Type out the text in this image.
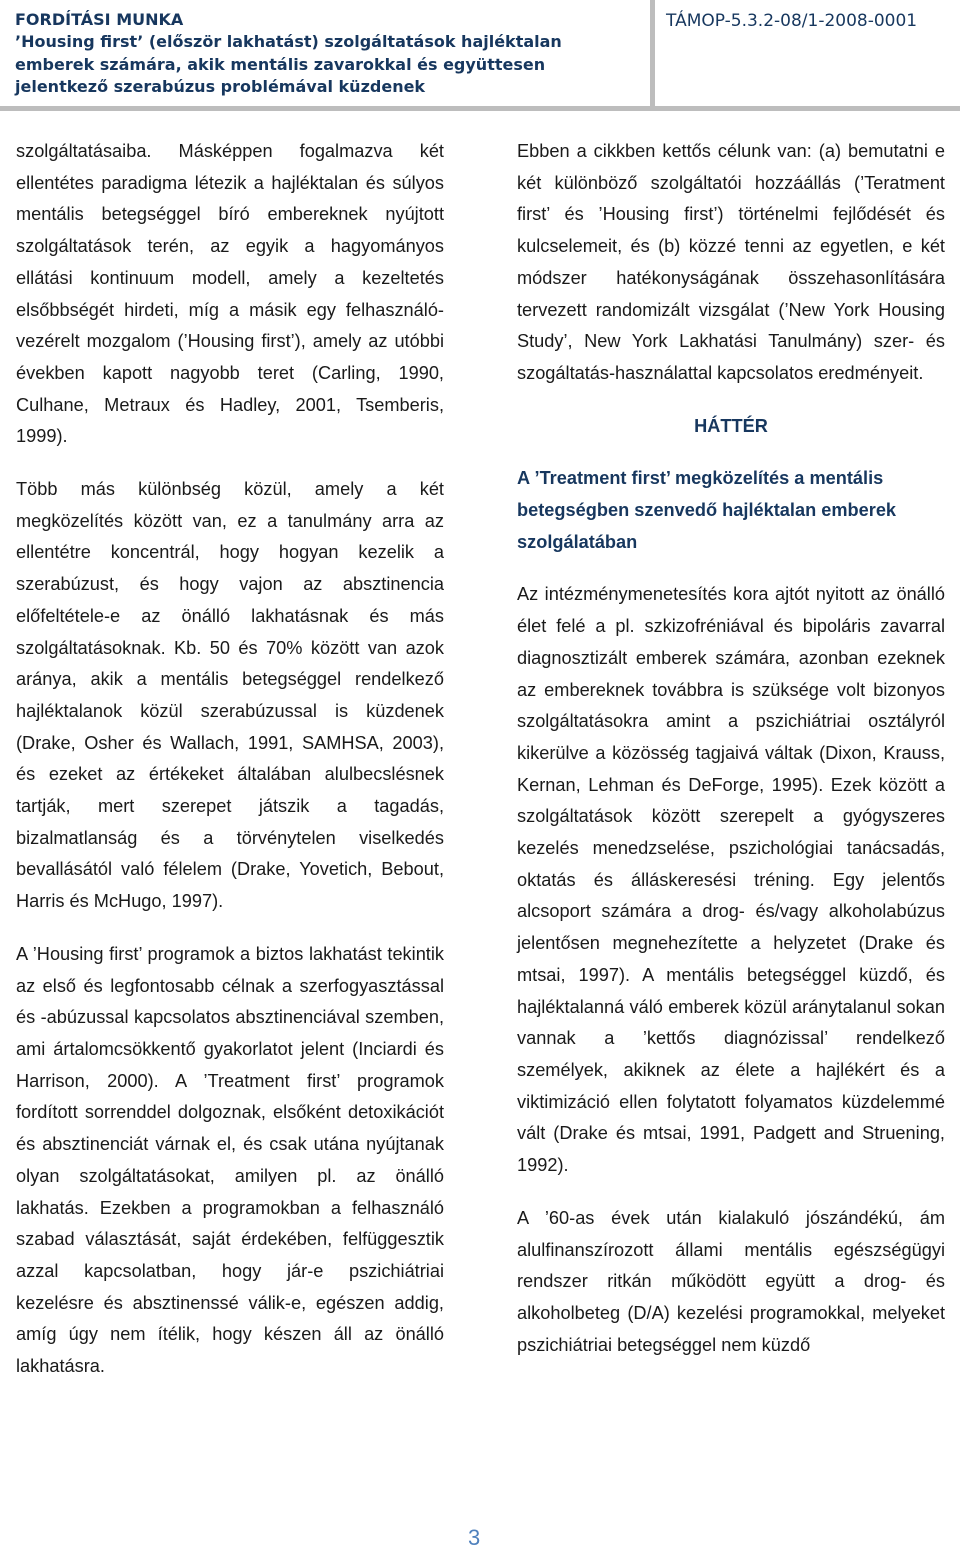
FORDÍTÁSI MUNKA
’Housing first’ (először lakhatást) szolgáltatások hajléktalan
emberek számára, akik mentális zavarokkal és együttesen
jelentkező szerabúzus problémával küzdenek
TÁMOP-5.3.2-08/1-2008-0001

szolgáltatásaiba. Másképpen fogalmazva két ellentétes paradigma létezik a hajléktalan és súlyos mentális betegséggel bíró embereknek nyújtott szolgáltatások terén, az egyik a hagyományos ellátási kontinuum modell, amely a kezeltetés elsőbbségét hirdeti, míg a másik egy felhasználó-vezérelt mozgalom (’Housing first’), amely az utóbbi években kapott nagyobb teret (Carling, 1990, Culhane, Metraux és Hadley, 2001, Tsemberis, 1999).

Több más különbség közül, amely a két megközelítés között van, ez a tanulmány arra az ellentétre koncentrál, hogy hogyan kezelik a szerabúzust, és hogy vajon az absztinencia előfeltétele-e az önálló lakhatásnak és más szolgáltatásoknak. Kb. 50 és 70% között van azok aránya, akik a mentális betegséggel rendelkező hajléktalanok közül szerabúzussal is küzdenek (Drake, Osher és Wallach, 1991, SAMHSA, 2003), és ezeket az értékeket általában alulbecslésnek tartják, mert szerepet játszik a tagadás, bizalmatlanság és a törvénytelen viselkedés bevallásától való félelem (Drake, Yovetich, Bebout, Harris és McHugo, 1997).

A ’Housing first’ programok a biztos lakhatást tekintik az első és legfontosabb célnak a szerfogyasztással és -abúzussal kapcsolatos absztinenciával szemben, ami ártalomcsökkentő gyakorlatot jelent (Inciardi és Harrison, 2000). A ’Treatment first’ programok fordított sorrenddel dolgoznak, elsőként detoxikációt és absztinenciát várnak el, és csak utána nyújtanak olyan szolgáltatásokat, amilyen pl. az önálló lakhatás. Ezekben a programokban a felhasználó szabad választását, saját érdekében, felfüggesztik azzal kapcsolatban, hogy jár-e pszichiátriai kezelésre és absztinenssé válik-e, egészen addig, amíg úgy nem ítélik, hogy készen áll az önálló lakhatásra.

Ebben a cikkben kettős célunk van: (a) bemutatni e két különböző szolgáltatói hozzáállás (’Teratment first’ és ’Housing first’) történelmi fejlődését és kulcselemeit, és (b) közzé tenni az egyetlen, e két módszer hatékonyságának összehasonlítására tervezett randomizált vizsgálat (’New York Housing Study’, New York Lakhatási Tanulmány) szer- és szogáltatás-használattal kapcsolatos eredményeit.

HÁTTÉR

A ’Treatment first’ megközelítés a mentális betegségben szenvedő hajléktalan emberek szolgálatában

Az intézménymenetesítés kora ajtót nyitott az önálló élet felé a pl. szkizofréniával és bipoláris zavarral diagnosztizált emberek számára, azonban ezeknek az embereknek továbbra is szüksége volt bizonyos szolgáltatásokra amint a pszichiátriai osztályról kikerülve a közösség tagjaivá váltak (Dixon, Krauss, Kernan, Lehman és DeForge, 1995). Ezek között a szolgáltatások között szerepelt a gyógyszeres kezelés menedzselése, pszichológiai tanácsadás, oktatás és álláskeresési tréning. Egy jelentős alcsoport számára a drog- és/vagy alkoholabúzus jelentősen megnehezítette a helyzetet (Drake és mtsai, 1997). A mentális betegséggel küzdő, és hajléktalanná váló emberek közül aránytalanul sokan vannak a ’kettős diagnózissal’ rendelkező személyek, akiknek az élete a hajlékért és a viktimizáció ellen folytatott folyamatos küzdelemmé vált (Drake és mtsai, 1991, Padgett and Struening, 1992).

A ’60-as évek után kialakuló jószándékú, ám alulfinanszírozott állami mentális egészségügyi rendszer ritkán működött együtt a drog- és alkoholbeteg (D/A) kezelési programokkal, melyeket pszichiátriai betegséggel nem küzdő

3
